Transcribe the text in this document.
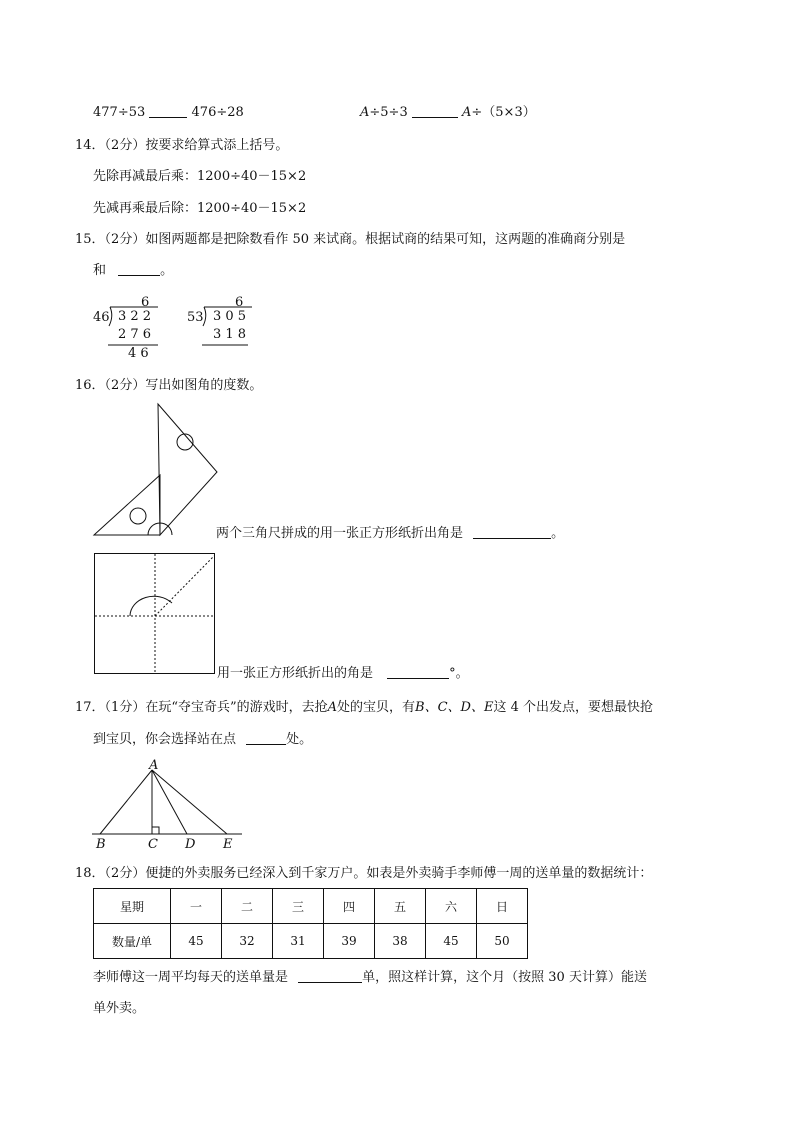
477÷53	476÷28	A÷5÷3	A÷（5×3）
14．（2分）按要求给算式添上括号。
先除再减最后乘：1200÷40－15×2
先减再乘最后除：1200÷40－15×2
15．（2分）如图两题都是把除数看作 50 来试商。根据试商的结果可知，这两题的准确商分别是
和	。
6
46 3 2 2
2 7 6
4 6
6
53 3 0 5
3 1 8
16．（2分）写出如图角的度数。
两个三角尺拼成的用一张正方形纸折出角是	。
用一张正方形纸折出的角是	°。
17．（1分）在玩“夺宝奇兵”的游戏时，去抢A处的宝贝，有B、C、D、E这 4 个出发点，要想最快抢
到宝贝，你会选择站在点	处。
A
B	C D E
18．（2分）便捷的外卖服务已经深入到千家万户。如表是外卖骑手李师傅一周的送单量的数据统计：
星期	一	二	三	四	五	六	日
数量/单	45	32	31	39	38	45	50
李师傅这一周平均每天的送单量是	单，照这样计算，这个月（按照 30 天计算）能送
单外卖。
